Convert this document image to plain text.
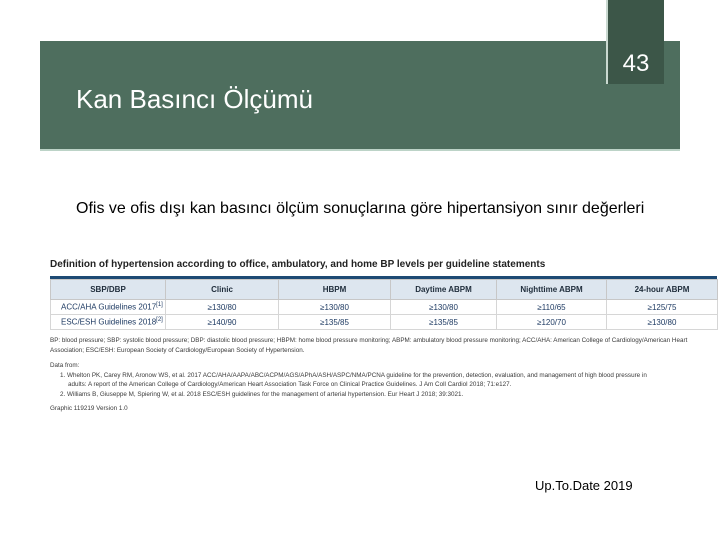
43
Kan Basıncı Ölçümü
Ofis ve ofis dışı kan basıncı ölçüm sonuçlarına göre hipertansiyon sınır değerleri
Definition of hypertension according to office, ambulatory, and home BP levels per guideline statements
SBP/DBP	Clinic	HBPM	Daytime ABPM	Nighttime ABPM	24-hour ABPM
ACC/AHA Guidelines 2017[1]	≥130/80	≥130/80	≥130/80	≥110/65	≥125/75
ESC/ESH Guidelines 2018[2]	≥140/90	≥135/85	≥135/85	≥120/70	≥130/80

BP: blood pressure; SBP: systolic blood pressure; DBP: diastolic blood pressure; HBPM: home blood pressure monitoring; ABPM: ambulatory blood pressure monitoring; ACC/AHA: American College of Cardiology/American Heart Association; ESC/ESH: European Society of Cardiology/European Society of Hypertension.

Data from:

1. Whelton PK, Carey RM, Aronow WS, et al. 2017 ACC/AHA/AAPA/ABC/ACPM/AGS/APhA/ASH/ASPC/NMA/PCNA guideline for the prevention, detection, evaluation, and management of high blood pressure in

adults: A report of the American College of Cardiology/American Heart Association Task Force on Clinical Practice Guidelines. J Am Coll Cardiol 2018; 71:e127.

2. Williams B, Giuseppe M, Spiering W, et al. 2018 ESC/ESH guidelines for the management of arterial hypertension. Eur Heart J 2018; 39:3021.

Graphic 119219 Version 1.0
Up.To.Date 2019
